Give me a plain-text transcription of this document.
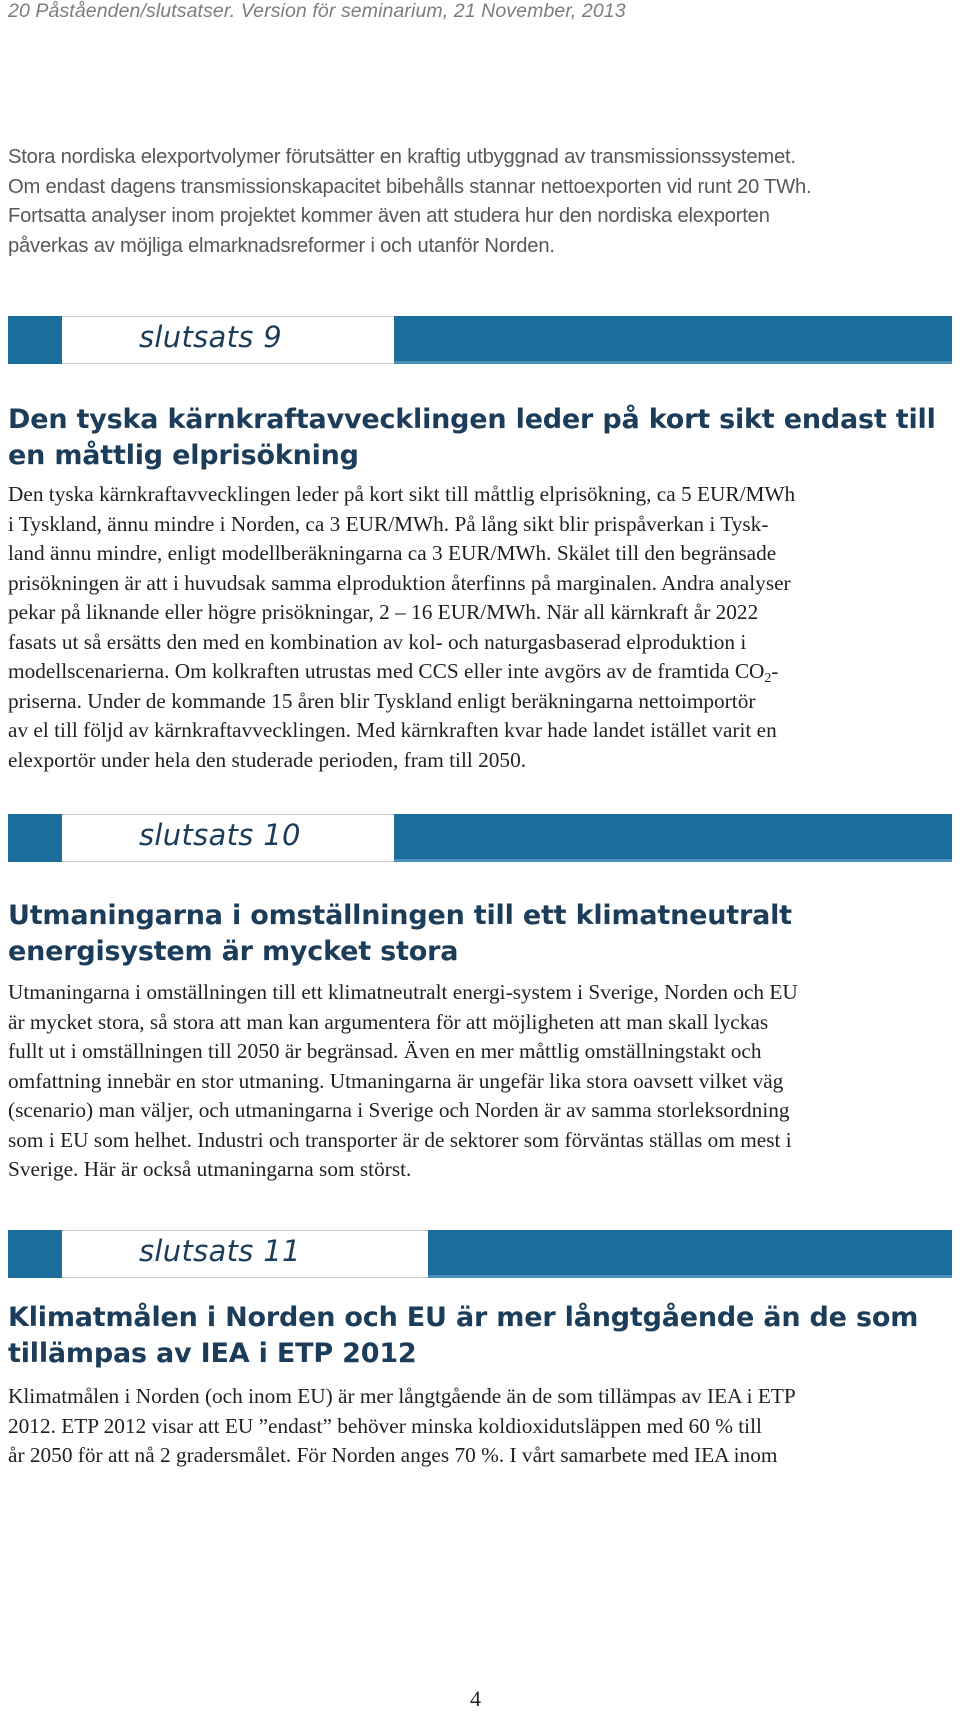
20 Påståenden/slutsatser. Version för seminarium, 21 November, 2013

Stora nordiska elexportvolymer förutsätter en kraftig utbyggnad av transmissionssystemet.
Om endast dagens transmissionskapacitet bibehålls stannar nettoexporten vid runt 20 TWh.
Fortsatta analyser inom projektet kommer även att studera hur den nordiska elexporten
påverkas av möjliga elmarknadsreformer i och utanför Norden.

slutsats 9
Den tyska kärnkraftavvecklingen leder på kort sikt endast till
en måttlig elprisökning

Den tyska kärnkraftavvecklingen leder på kort sikt till måttlig elprisökning, ca 5 EUR/MWh
i Tyskland, ännu mindre i Norden, ca 3 EUR/MWh. På lång sikt blir prispåverkan i Tysk-
land ännu mindre, enligt modellberäkningarna ca 3 EUR/MWh. Skälet till den begränsade
prisökningen är att i huvudsak samma elproduktion återfinns på marginalen. Andra analyser
pekar på liknande eller högre prisökningar, 2 – 16 EUR/MWh. När all kärnkraft år 2022
fasats ut så ersätts den med en kombination av kol- och naturgasbaserad elproduktion i
modellscenarierna. Om kolkraften utrustas med CCS eller inte avgörs av de framtida $CO_2-$
priserna. Under de kommande 15 åren blir Tyskland enligt beräkningarna nettoimportör
av el till följd av kärnkraftavvecklingen. Med kärnkraften kvar hade landet istället varit en
elexportör under hela den studerade perioden, fram till 2050.

slutsats 10
Utmaningarna i omställningen till ett klimatneutralt
energisystem är mycket stora

Utmaningarna i omställningen till ett klimatneutralt energi-system i Sverige, Norden och EU
är mycket stora, så stora att man kan argumentera för att möjligheten att man skall lyckas
fullt ut i omställningen till 2050 är begränsad. Även en mer måttlig omställningstakt och
omfattning innebär en stor utmaning. Utmaningarna är ungefär lika stora oavsett vilket väg
(scenario) man väljer, och utmaningarna i Sverige och Norden är av samma storleksordning
som i EU som helhet. Industri och transporter är de sektorer som förväntas ställas om mest i
Sverige. Här är också utmaningarna som störst.

slutsats 11
Klimatmålen i Norden och EU är mer långtgående än de som
tillämpas av IEA i ETP 2012

Klimatmålen i Norden (och inom EU) är mer långtgående än de som tillämpas av IEA i ETP
2012. ETP 2012 visar att EU ”endast” behöver minska koldioxidutsläppen med 60 % till
år 2050 för att nå 2 gradersmålet. För Norden anges 70 %. I vårt samarbete med IEA inom

4
